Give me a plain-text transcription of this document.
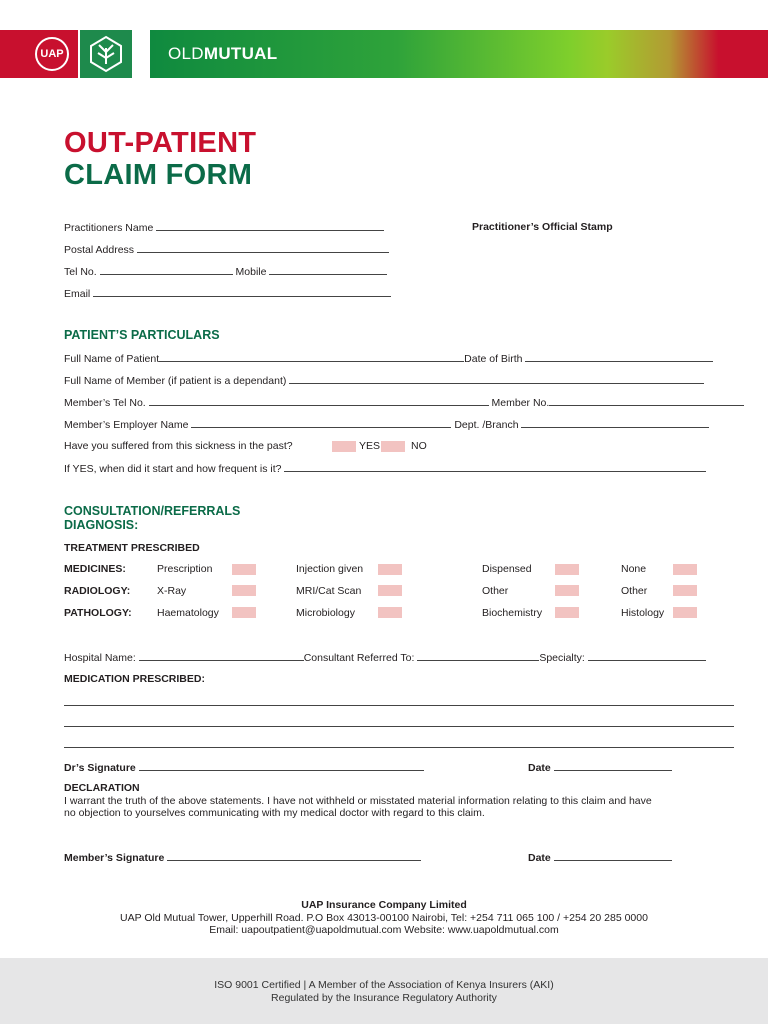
UAP	OLDMUTUAL
OUT-PATIENT
CLAIM FORM
Practitioners Name	Practitioner’s Official Stamp
Postal Address
Tel No.	Mobile
Email
PATIENT’S PARTICULARS
Full Name of Patient	Date of Birth
Full Name of Member (if patient is a dependant)
Member’s Tel No.	Member No.
Member’s Employer Name	Dept. /Branch
Have you suffered from this sickness in the past?	YES	NO
If YES, when did it start and how frequent is it?
CONSULTATION/REFERRALS
DIAGNOSIS:
TREATMENT PRESCRIBED
MEDICINES:	Prescription	Injection given	Dispensed	None
RADIOLOGY:	X-Ray	MRI/Cat Scan	Other	Other
PATHOLOGY: Haematology	Microbiology	Biochemistry	Histology
Hospital Name:	Consultant Referred To:	Specialty:
MEDICATION PRESCRIBED:
Dr’s Signature	Date
DECLARATION
I warrant the truth of the above statements. I have not withheld or misstated material information relating to this claim and have
no objection to yourselves communicating with my medical doctor with regard to this claim.
Member’s Signature	Date
UAP Insurance Company Limited
UAP Old Mutual Tower, Upperhill Road. P.O Box 43013-00100 Nairobi, Tel: +254 711 065 100 / +254 20 285 0000
Email: uapoutpatient@uapoldmutual.com Website: www.uapoldmutual.com
ISO 9001 Certified | A Member of the Association of Kenya Insurers (AKI)
Regulated by the Insurance Regulatory Authority
